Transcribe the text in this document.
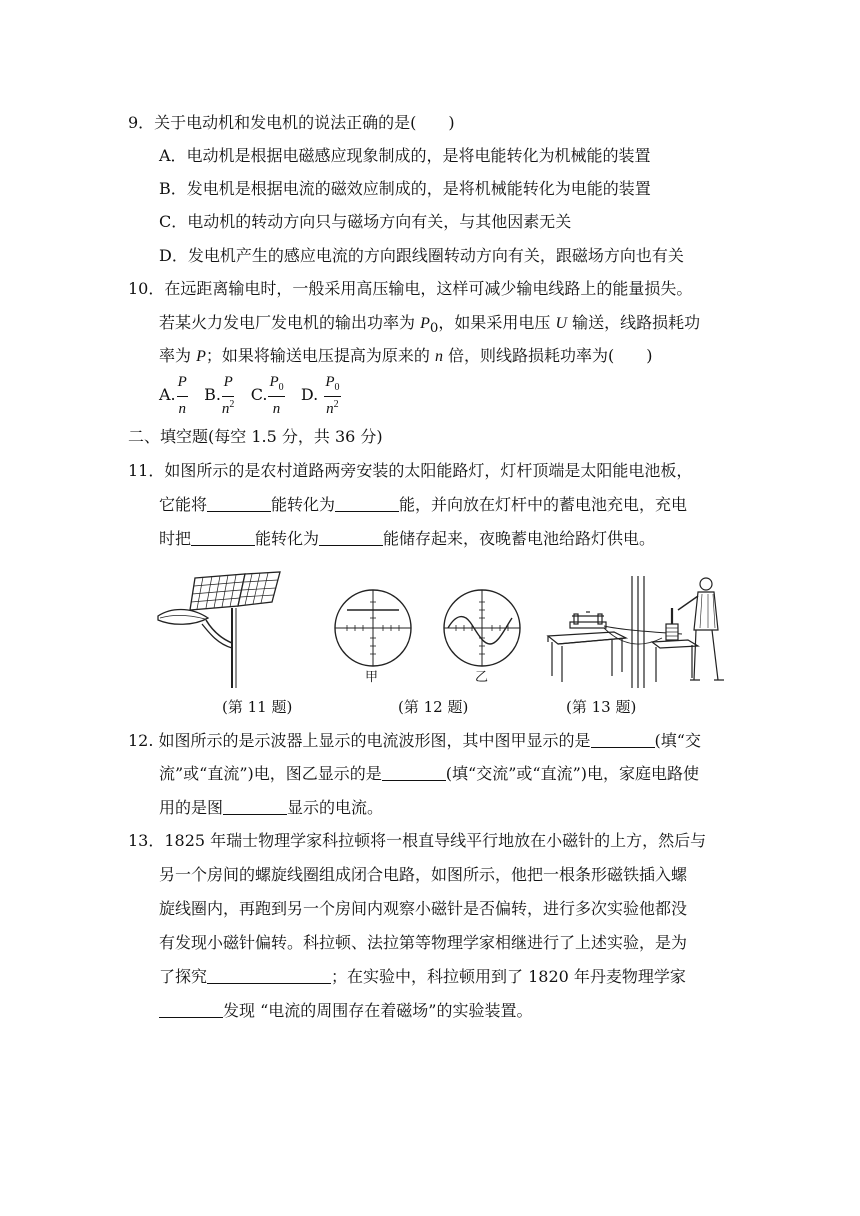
9．关于电动机和发电机的说法正确的是(　　)
A．电动机是根据电磁感应现象制成的，是将电能转化为机械能的装置
B．发电机是根据电流的磁效应制成的，是将机械能转化为电能的装置
C．电动机的转动方向只与磁场方向有关，与其他因素无关
D．发电机产生的感应电流的方向跟线圈转动方向有关，跟磁场方向也有关
10．在远距离输电时，一般采用高压输电，这样可减少输电线路上的能量损失。
若某火力发电厂发电机的输出功率为 $P_0$，如果采用电压 U 输送，线路损耗功
率为 P；如果将输送电压提高为原来的 n 倍，则线路损耗功率为(　　)
A. $\frac{P}{n} B$. $\frac{P}{n^2} C$. $\frac{P_0}{n} D$. $\frac{P_0}{n^2}$
二、填空题(每空 1.5 分，共 36 分)
11．如图所示的是农村道路两旁安装的太阳能路灯，灯杆顶端是太阳能电池板，
它能将	能转化为	能，并向放在灯杆中的蓄电池充电，充电
时把	能转化为	能储存起来，夜晚蓄电池给路灯供电。
甲	乙
(第 11 题)	(第 12 题)	(第 13 题)
12. 如图所示的是示波器上显示的电流波形图，其中图甲显示的是	(填“交
流”或“直流”)电，图乙显示的是	(填“交流”或“直流”)电，家庭电路使
用的是图	显示的电流。
13．1825 年瑞士物理学家科拉顿将一根直导线平行地放在小磁针的上方，然后与
另一个房间的螺旋线圈组成闭合电路，如图所示，他把一根条形磁铁插入螺
旋线圈内，再跑到另一个房间内观察小磁针是否偏转，进行多次实验他都没
有发现小磁针偏转。科拉顿、法拉第等物理学家相继进行了上述实验，是为
了探究	；在实验中，科拉顿用到了 1820 年丹麦物理学家
发现 “电流的周围存在着磁场”的实验装置。
